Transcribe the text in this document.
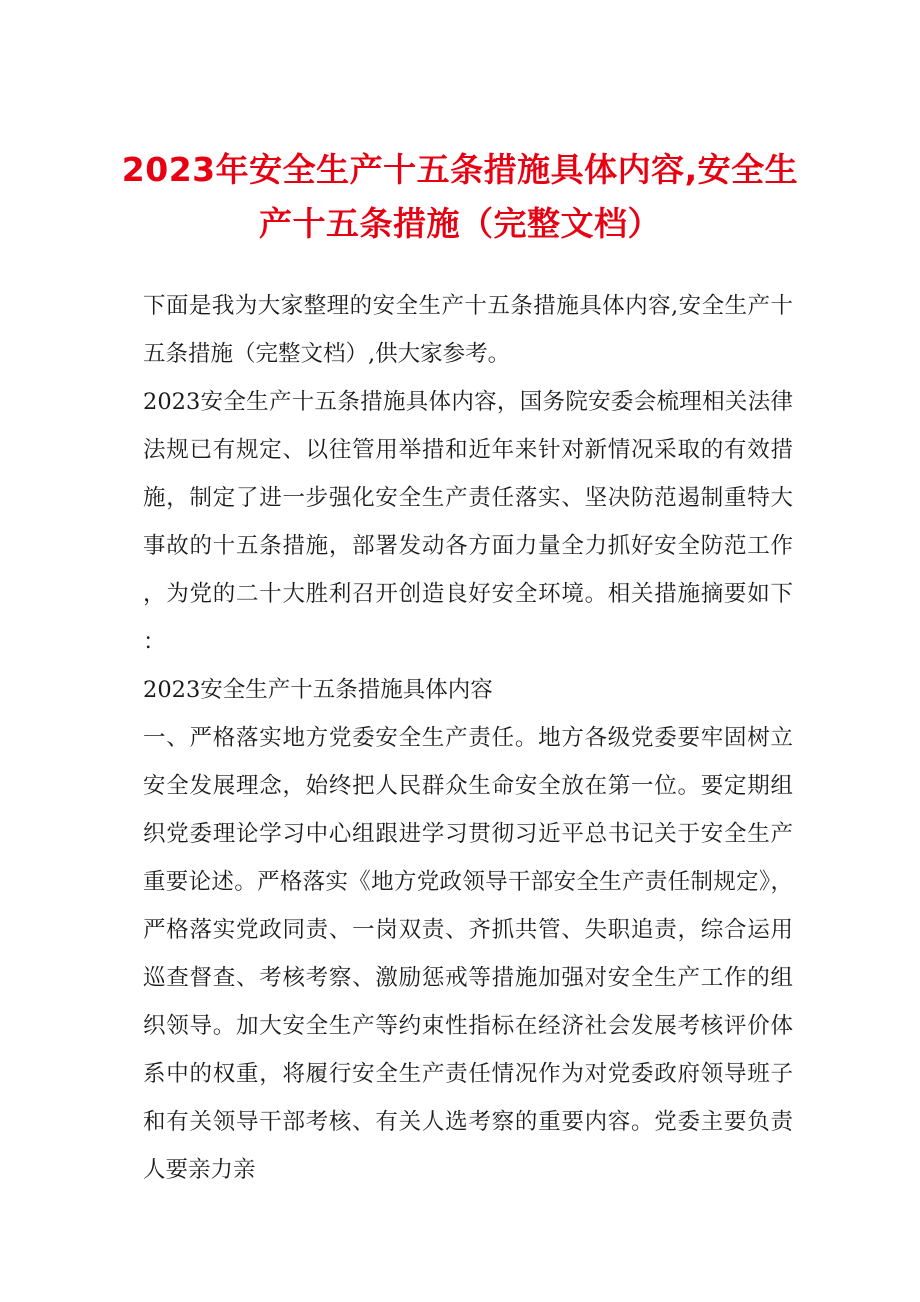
2023年安全生产十五条措施具体内容,安全生产十五条措施（完整文档）

下面是我为大家整理的安全生产十五条措施具体内容,安全生产十五条措施（完整文档）,供大家参考。

2023安全生产十五条措施具体内容，国务院安委会梳理相关法律法规已有规定、以往管用举措和近年来针对新情况采取的有效措施，制定了进一步强化安全生产责任落实、坚决防范遏制重特大事故的十五条措施，部署发动各方面力量全力抓好安全防范工作，为党的二十大胜利召开创造良好安全环境。相关措施摘要如下：

2023安全生产十五条措施具体内容

一、严格落实地方党委安全生产责任。地方各级党委要牢固树立安全发展理念，始终把人民群众生命安全放在第一位。要定期组织党委理论学习中心组跟进学习贯彻习近平总书记关于安全生产重要论述。严格落实《地方党政领导干部安全生产责任制规定》，严格落实党政同责、一岗双责、齐抓共管、失职追责，综合运用巡查督查、考核考察、激励惩戒等措施加强对安全生产工作的组织领导。加大安全生产等约束性指标在经济社会发展考核评价体系中的权重，将履行安全生产责任情况作为对党委政府领导班子和有关领导干部考核、有关人选考察的重要内容。党委主要负责人要亲力亲
